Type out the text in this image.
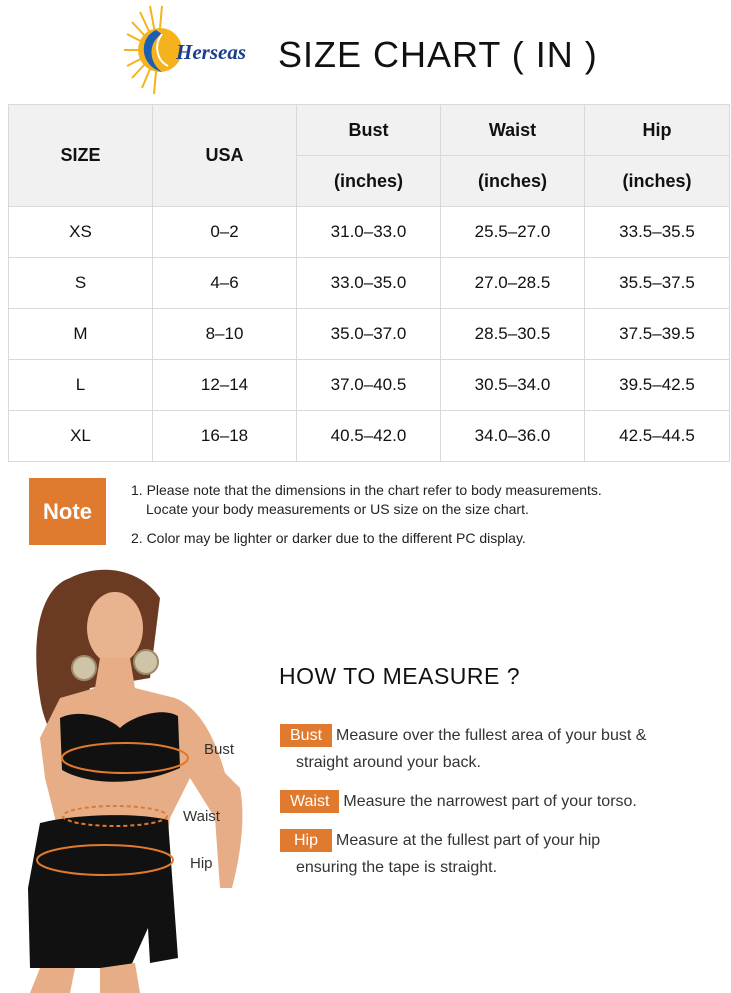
Herseas SIZE CHART ( IN )
SIZE	USA	Bust	Waist	Hip
		(inches)	(inches)	(inches)
XS	0–2	31.0–33.0	25.5–27.0	33.5–35.5
S	4–6	33.0–35.0	27.0–28.5	35.5–37.5
M	8–10	35.0–37.0	28.5–30.5	37.5–39.5
L	12–14	37.0–40.5	30.5–34.0	39.5–42.5
XL	16–18	40.5–42.0	34.0–36.0	42.5–44.5
Note
1. Please note that the dimensions in the chart refer to body measurements.
Locate your body measurements or US size on the size chart.
2. Color may be lighter or darker due to the different PC display.
Bust
Waist
Hip
HOW TO MEASURE ?
Bust Measure over the fullest area of your bust &
straight around your back.
Waist Measure the narrowest part of your torso.
Hip Measure at the fullest part of your hip
ensuring the tape is straight.
